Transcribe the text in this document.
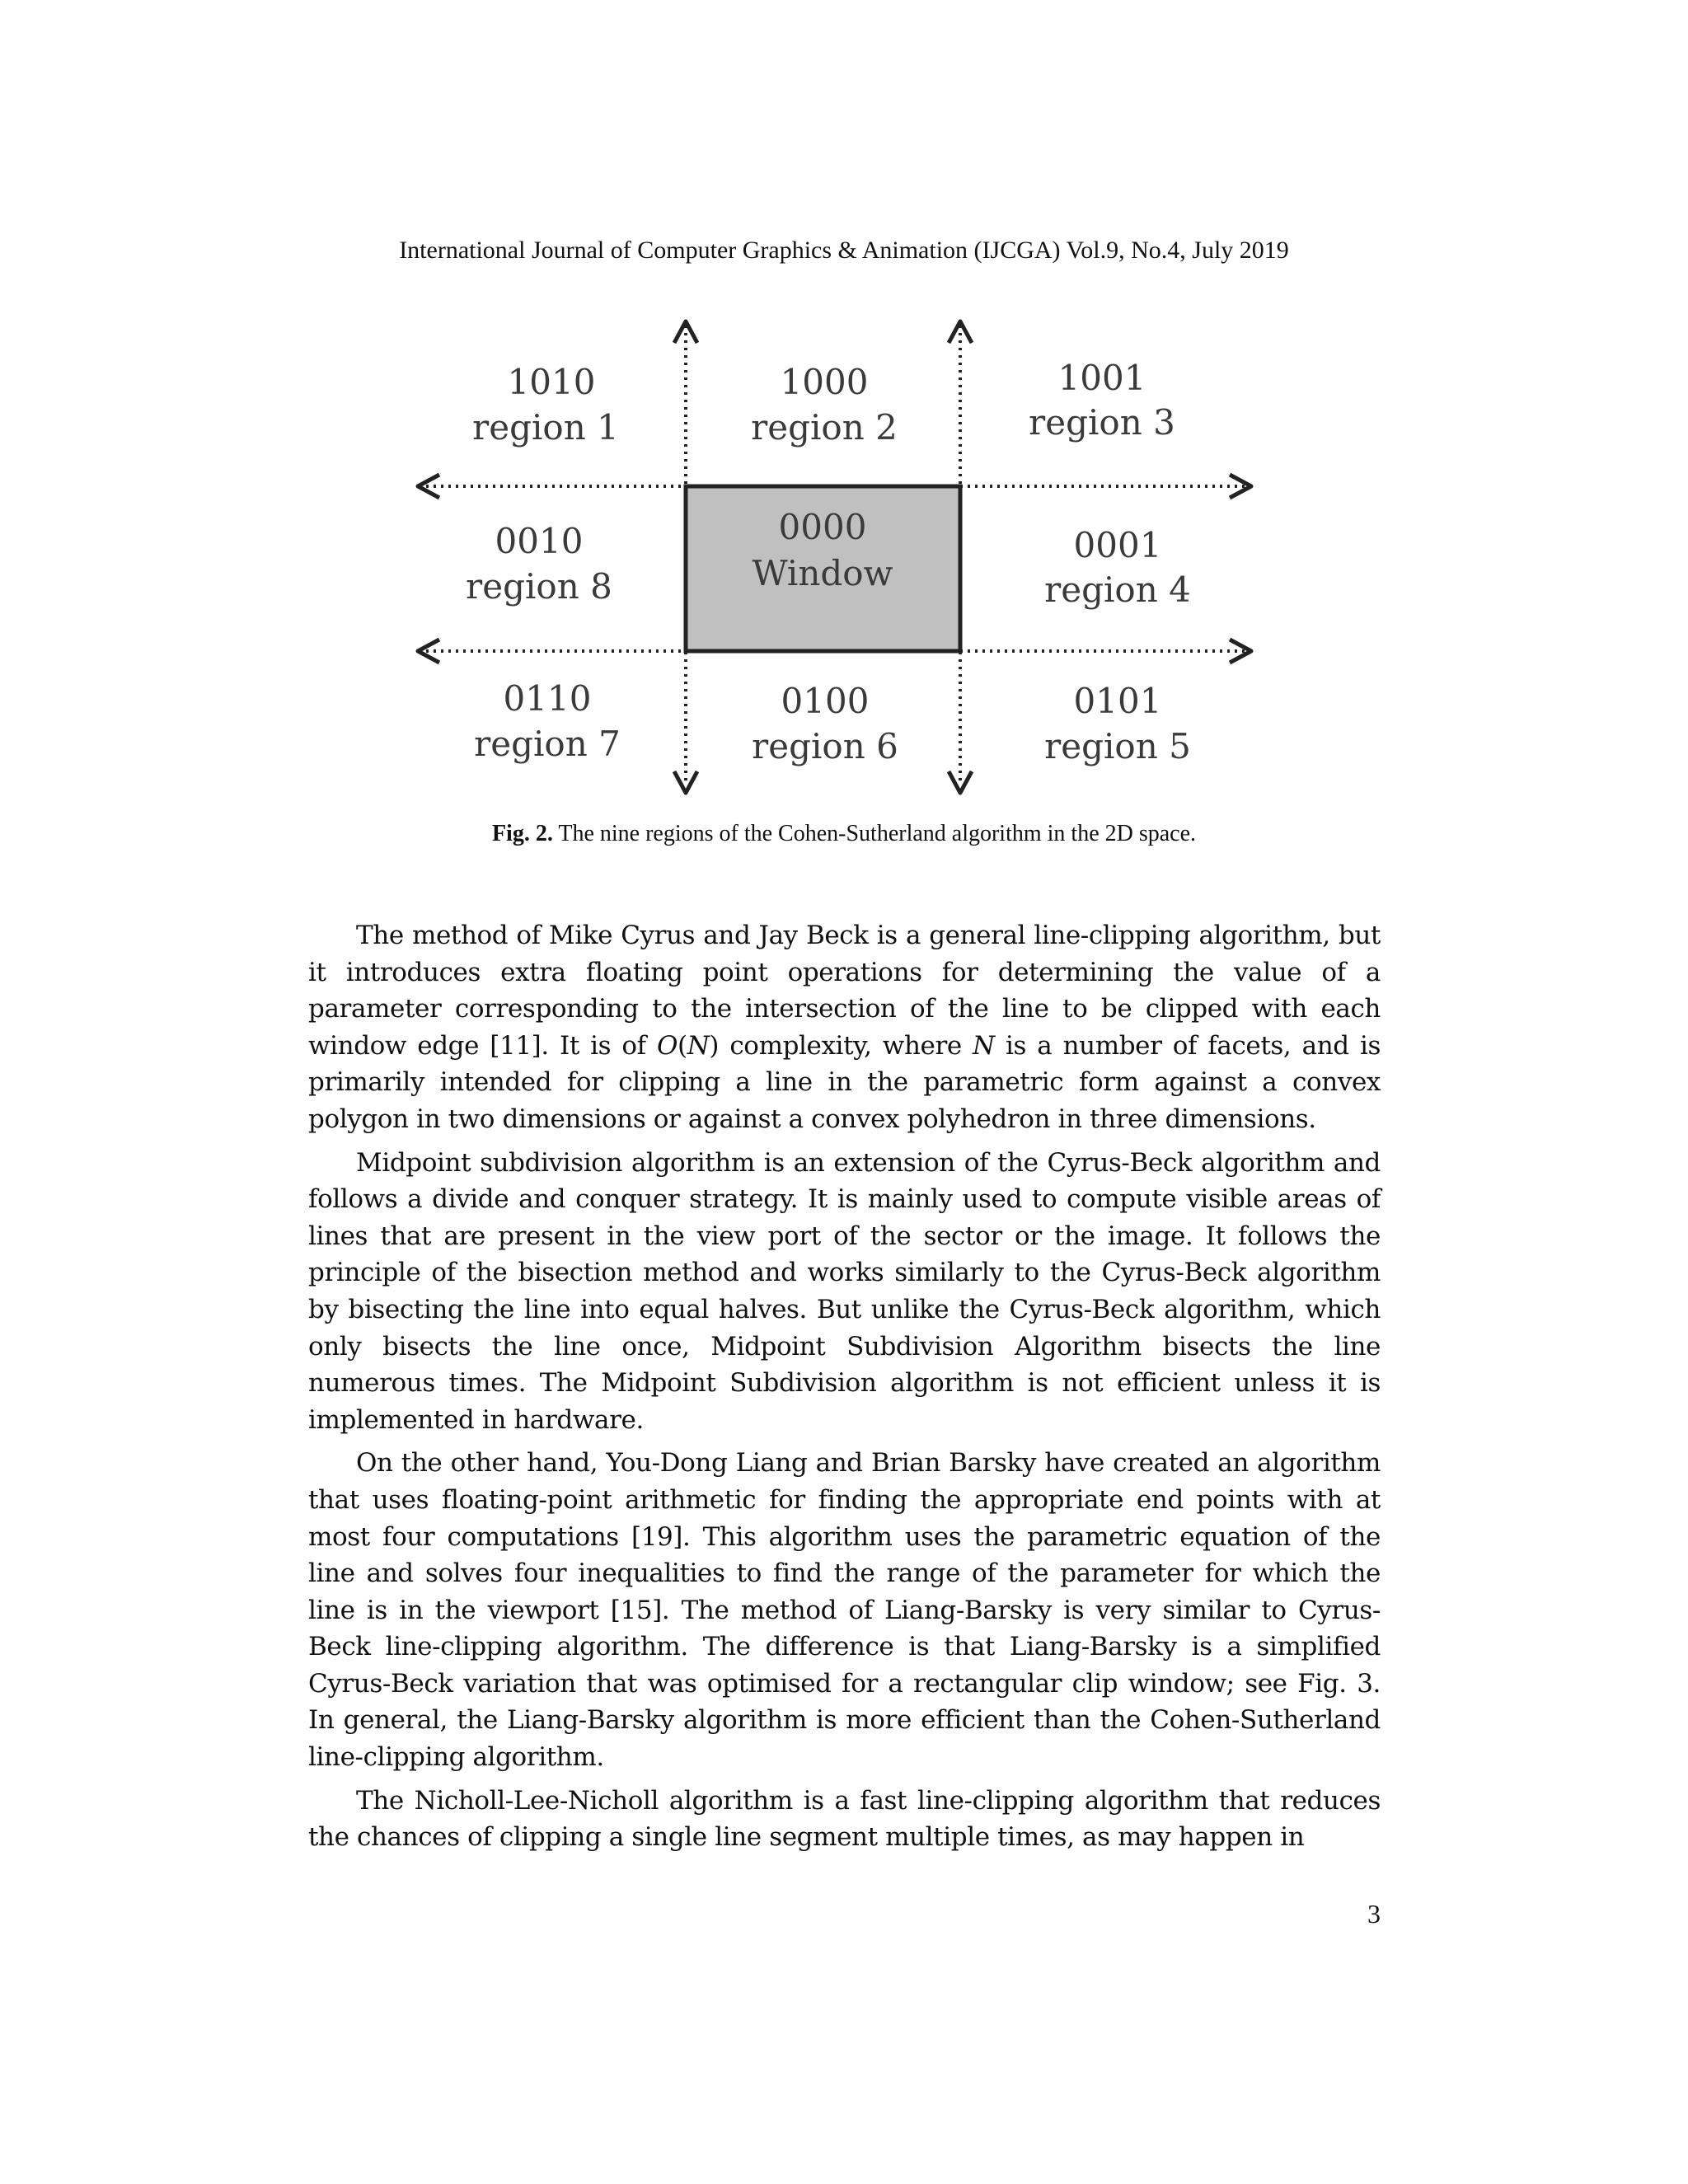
International Journal of Computer Graphics & Animation (IJCGA) Vol.9, No.4, July 2019
1010
region 1
1000
region 2
1001
region 3
0010
region 8
0000
Window
0001
region 4
0110
region 7
0100
region 6
0101
region 5
Fig. 2. The nine regions of the Cohen-Sutherland algorithm in the 2D space.

The method of Mike Cyrus and Jay Beck is a general line-clipping algorithm, but it introduces extra floating point operations for determining the value of a parameter corresponding to the intersection of the line to be clipped with each window edge [11]. It is of O(N) complexity, where N is a number of facets, and is primarily intended for clipping a line in the parametric form against a convex polygon in two dimensions or against a convex polyhedron in three dimensions.

Midpoint subdivision algorithm is an extension of the Cyrus-Beck algorithm and follows a divide and conquer strategy. It is mainly used to compute visible areas of lines that are present in the view port of the sector or the image. It follows the principle of the bisection method and works similarly to the Cyrus-Beck algorithm by bisecting the line into equal halves. But unlike the Cyrus-Beck algorithm, which only bisects the line once, Midpoint Subdivision Algorithm bisects the line numerous times. The Midpoint Subdivision algorithm is not efficient unless it is implemented in hardware.

On the other hand, You-Dong Liang and Brian Barsky have created an algorithm that uses floating-point arithmetic for finding the appropriate end points with at most four computations [19]. This algorithm uses the parametric equation of the line and solves four inequalities to find the range of the parameter for which the line is in the viewport [15]. The method of Liang-Barsky is very similar to Cyrus-Beck line-clipping algorithm. The difference is that Liang-Barsky is a simplified Cyrus-Beck variation that was optimised for a rectangular clip window; see Fig. 3. In general, the Liang-Barsky algorithm is more efficient than the Cohen-Sutherland line-clipping algorithm.

The Nicholl-Lee-Nicholl algorithm is a fast line-clipping algorithm that reduces the chances of clipping a single line segment multiple times, as may happen in

3
